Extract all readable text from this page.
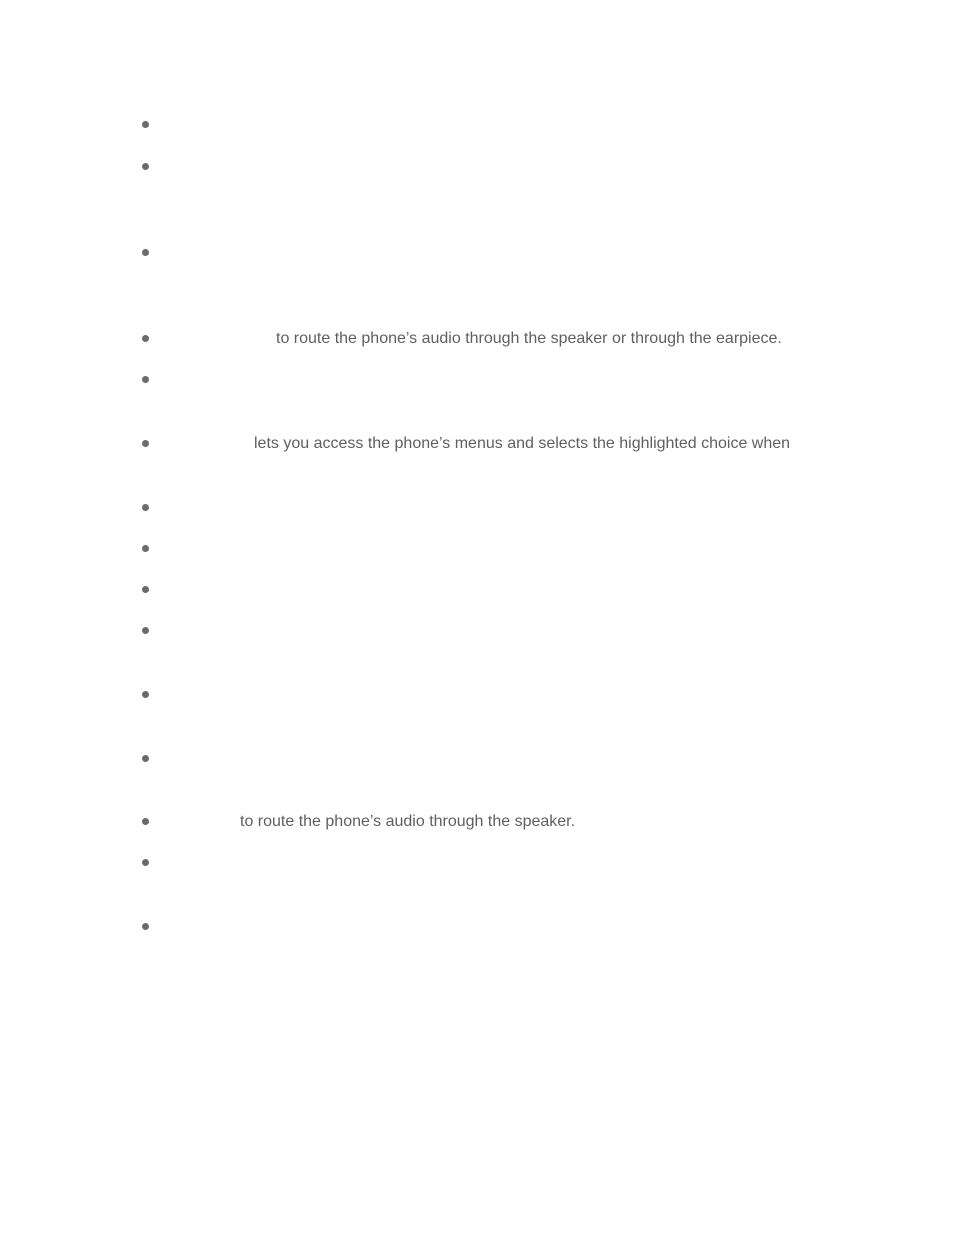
to route the phone’s audio through the speaker or through the earpiece.
lets you access the phone’s menus and selects the highlighted choice when
to route the phone’s audio through the speaker.
